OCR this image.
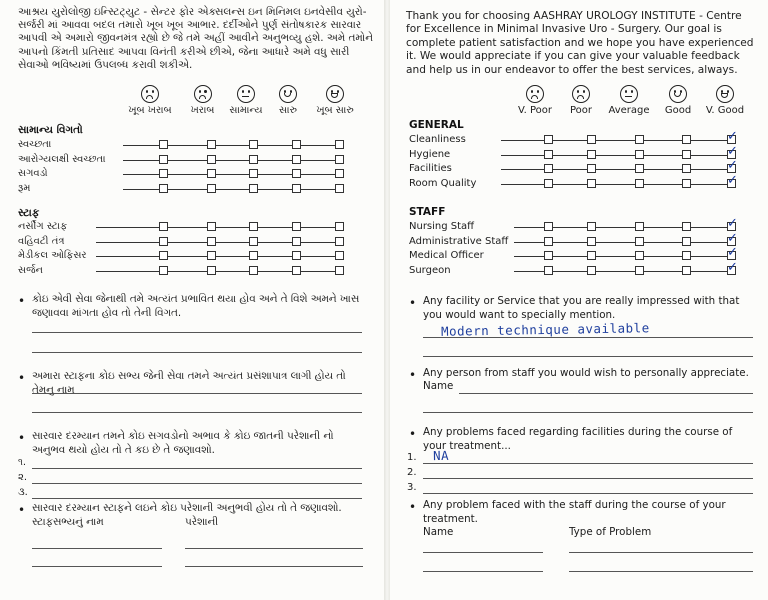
આશ્રય યુરોલોજી ઇન્સ્ટિટ્યુટ - સેન્ટર ફોર એક્સલન્સ ઇન મિનિમલ ઇનવેસીવ યુરો-સર્જરી માં આવવા બદલ તમારો ખૂબ ખૂબ આભાર. દર્દીઓને પુર્ણ સંતોષકારક સારવાર આપવી એ અમારો જીવનમંત્ર રહ્યો છે જે તમે અહીં આવીને અનુભવ્યુ હશે. અમે તમોને આપનો કિંમતી પ્રતિસાદ આપવા વિનંતી કરીએ છીએ, જેના આધારે અમે વધુ સારી સેવાઓ ભવિષ્યમાં ઉપલબ્ધ કરાવી શકીએ.
ખૂબ ખરાબ ખરાબ સામાન્ય સારુ ખૂબ સારુ
સામાન્ય વિગતો
સ્વચ્છતા
આરોગ્યલક્ષી સ્વચ્છતા
સગવડો
રૂમ
સ્ટાફ
નર્સીંગ સ્ટાફ
વહિવટી તંત્ર
મેડીકલ ઓફિસર
સર્જન
• કોઇ એવી સેવા જેનાથી તમે અત્યંત પ્રભાવિત થયા હોવ અને તે વિશે અમને ખાસ જણાવવા માંગતા હોવ તો તેની વિગત.
• અમારા સ્ટાફના કોઇ સભ્ય જેની સેવા તમને અત્યંત પ્રસંશાપાત્ર લાગી હોય તો તેમનુ નામ
• સારવાર દરમ્યાન તમને કોઇ સગવડોનો અભાવ કે કોઇ જાતની પરેશાની નો અનુભવ થયો હોય તો તે કઇ છે તે જણાવશો.
૧.
૨.
૩.
• સારવાર દરમ્યાન સ્ટાફને લઇને કોઇ પરેશાની અનુભવી હોય તો તે જણાવશો.
સ્ટાફસભ્યનું નામ	પરેશાની
Thank you for choosing AASHRAY UROLOGY INSTITUTE - Centre for Excellence in Minimal Invasive Uro - Surgery. Our goal is complete patient satisfaction and we hope you have experienced it. We would appreciate if you can give your valuable feedback and help us in our endeavor to offer the best services, always.
V. Poor Poor Average Good V. Good
GENERAL
Cleanliness	✓
Hygiene	✓
Facilities	✓
Room Quality	✓
STAFF
Nursing Staff	✓
Administrative Staff	✓
Medical Officer	✓
Surgeon	✓
• Any facility or Service that you are really impressed with that you would want to specially mention.
Modern technique available
• Any person from staff you would wish to personally appreciate.
Name
• Any problems faced regarding facilities during the course of your treatment...
1. NA
2.
3.
• Any problem faced with the staff during the course of your treatment.
Name	Type of Problem
